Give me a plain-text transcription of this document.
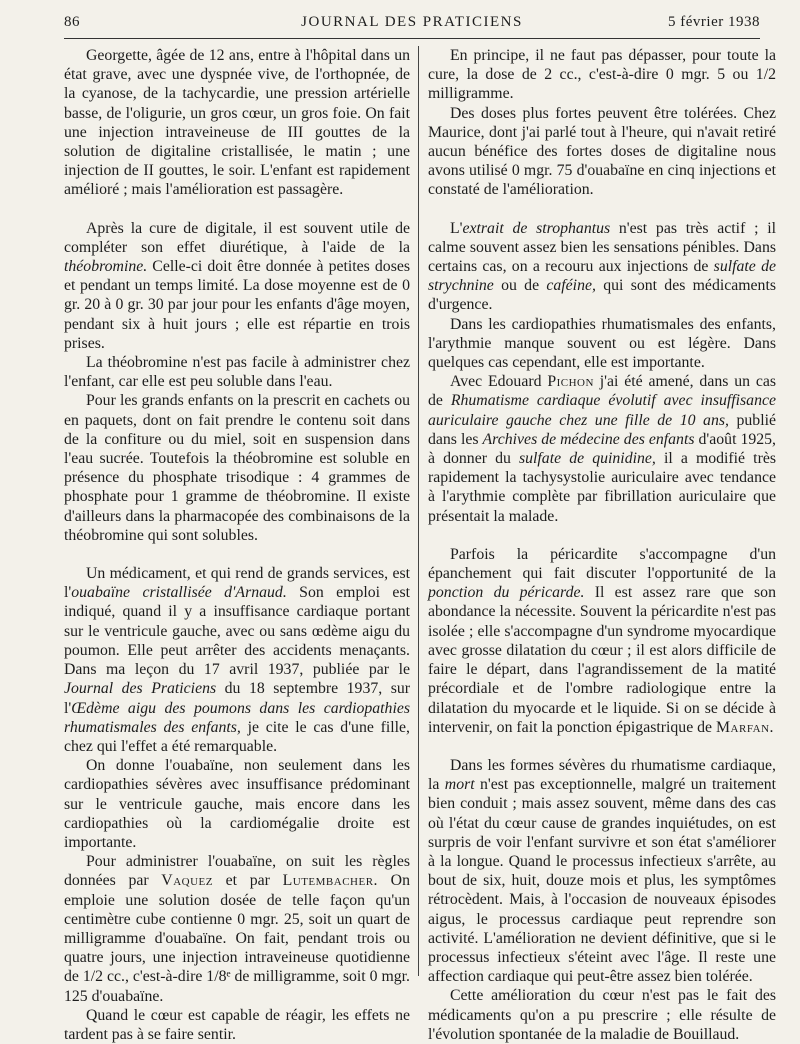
86	JOURNAL DES PRATICIENS	5 février 1938

Georgette, âgée de 12 ans, entre à l'hôpital dans un état grave, avec une dyspnée vive, de l'orthopnée, de la cyanose, de la tachycardie, une pression artérielle basse, de l'oligurie, un gros cœur, un gros foie. On fait une injection intraveineuse de III gouttes de la solution de digitaline cristallisée, le matin ; une injection de II gouttes, le soir. L'enfant est rapidement amélioré ; mais l'amélioration est passagère.

Après la cure de digitale, il est souvent utile de compléter son effet diurétique, à l'aide de la théobromine. Celle-ci doit être donnée à petites doses et pendant un temps limité. La dose moyenne est de 0 gr. 20 à 0 gr. 30 par jour pour les enfants d'âge moyen, pendant six à huit jours ; elle est répartie en trois prises.

La théobromine n'est pas facile à administrer chez l'enfant, car elle est peu soluble dans l'eau.

Pour les grands enfants on la prescrit en cachets ou en paquets, dont on fait prendre le contenu soit dans de la confiture ou du miel, soit en suspension dans l'eau sucrée. Toutefois la théobromine est soluble en présence du phosphate trisodique : 4 grammes de phosphate pour 1 gramme de théobromine. Il existe d'ailleurs dans la pharmacopée des combinaisons de la théobromine qui sont solubles.

Un médicament, et qui rend de grands services, est l'ouabaïne cristallisée d'Arnaud. Son emploi est indiqué, quand il y a insuffisance cardiaque portant sur le ventricule gauche, avec ou sans œdème aigu du poumon. Elle peut arrêter des accidents menaçants. Dans ma leçon du 17 avril 1937, publiée par le Journal des Praticiens du 18 septembre 1937, sur l'Œdème aigu des poumons dans les cardiopathies rhumatismales des enfants, je cite le cas d'une fille, chez qui l'effet a été remarquable.

On donne l'ouabaïne, non seulement dans les cardiopathies sévères avec insuffisance prédominant sur le ventricule gauche, mais encore dans les cardiopathies où la cardiomégalie droite est importante.

Pour administrer l'ouabaïne, on suit les règles données par Vaquez et par Lutembacher. On emploie une solution dosée de telle façon qu'un centimètre cube contienne 0 mgr. 25, soit un quart de milligramme d'ouabaïne. On fait, pendant trois ou quatre jours, une injection intraveineuse quotidienne de 1/2 cc., c'est-à-dire 1/8ᵉ de milligramme, soit 0 mgr. 125 d'ouabaïne.

Quand le cœur est capable de réagir, les effets ne tardent pas à se faire sentir.

En principe, il ne faut pas dépasser, pour toute la cure, la dose de 2 cc., c'est-à-dire 0 mgr. 5 ou 1/2 milligramme.

Des doses plus fortes peuvent être tolérées. Chez Maurice, dont j'ai parlé tout à l'heure, qui n'avait retiré aucun bénéfice des fortes doses de digitaline nous avons utilisé 0 mgr. 75 d'ouabaïne en cinq injections et constaté de l'amélioration.

L'extrait de strophantus n'est pas très actif ; il calme souvent assez bien les sensations pénibles. Dans certains cas, on a recouru aux injections de sulfate de strychnine ou de caféine, qui sont des médicaments d'urgence.

Dans les cardiopathies rhumatismales des enfants, l'arythmie manque souvent ou est légère. Dans quelques cas cependant, elle est importante.

Avec Edouard Pichon j'ai été amené, dans un cas de Rhumatisme cardiaque évolutif avec insuffisance auriculaire gauche chez une fille de 10 ans, publié dans les Archives de médecine des enfants d'août 1925, à donner du sulfate de quinidine, il a modifié très rapidement la tachysystolie auriculaire avec tendance à l'arythmie complète par fibrillation auriculaire que présentait la malade.

Parfois la péricardite s'accompagne d'un épanchement qui fait discuter l'opportunité de la ponction du péricarde. Il est assez rare que son abondance la nécessite. Souvent la péricardite n'est pas isolée ; elle s'accompagne d'un syndrome myocardique avec grosse dilatation du cœur ; il est alors difficile de faire le départ, dans l'agrandissement de la matité précordiale et de l'ombre radiologique entre la dilatation du myocarde et le liquide. Si on se décide à intervenir, on fait la ponction épigastrique de Marfan.

Dans les formes sévères du rhumatisme cardiaque, la mort n'est pas exceptionnelle, malgré un traitement bien conduit ; mais assez souvent, même dans des cas où l'état du cœur cause de grandes inquiétudes, on est surpris de voir l'enfant survivre et son état s'améliorer à la longue. Quand le processus infectieux s'arrête, au bout de six, huit, douze mois et plus, les symptômes rétrocèdent. Mais, à l'occasion de nouveaux épisodes aigus, le processus cardiaque peut reprendre son activité. L'amélioration ne devient définitive, que si le processus infectieux s'éteint avec l'âge. Il reste une affection cardiaque qui peut-être assez bien tolérée.

Cette amélioration du cœur n'est pas le fait des médicaments qu'on a pu prescrire ; elle résulte de l'évolution spontanée de la maladie de Bouillaud.
